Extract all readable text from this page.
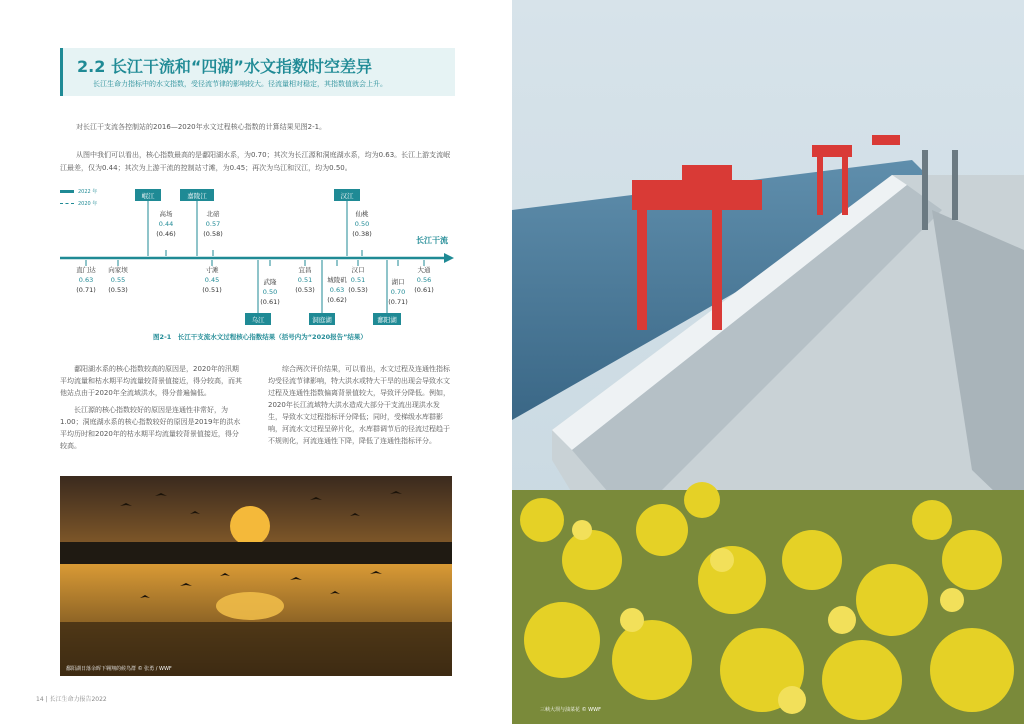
2.2 长江干流和“四湖”水文指数时空差异
长江生命力指标中的水文指数，受径流节律的影响较大。径流量相对稳定，其指数值就会上升。
对长江干支流各控制站的2016—2020年水文过程核心指数的计算结果见图2-1。
从图中我们可以看出，核心指数最高的是鄱阳湖水系，为0.70；其次为长江源和洞庭湖水系，均为0.63。长江上游支流岷江最差，仅为0.44；其次为上游干流的控制站寸滩，为0.45；再次为乌江和汉江，均为0.50。
2022 年
2020 年
长江干流
岷江	嘉陵江	汉江
乌江	洞庭湖	鄱阳湖
直门达
0.63
(0.71)
向家坝
0.55
(0.53)
高场
0.44
(0.46)
北碚
0.57
(0.58)
寸滩
0.45
(0.51)
武隆
0.50
(0.61)
宜昌
0.51
(0.53)
城陵矶
0.63
(0.62)
汉口
0.51
(0.53)
仙桃
0.50
(0.38)
湖口
0.70
(0.71)
大通
0.56
(0.61)
图2-1　长江干支流水文过程核心指数结果（括号内为“2020报告”结果）

鄱阳湖水系的核心指数较高的原因是，2020年的汛期平均流量和枯水期平均流量较背景值接近，得分较高，而其他站点由于2020年全流域洪水，得分普遍偏低。

长江源的核心指数较好的原因是连通性非常好，为1.00；洞庭湖水系的核心指数较好的原因是2019年的洪水平均历时和2020年的枯水期平均流量较背景值接近，得分较高。

综合两次评价结果，可以看出，水文过程及连通性指标均受径流节律影响，特大洪水或特大干旱的出现会导致水文过程及连通性指数偏离背景值较大，导致评分降低。例如，2020年长江流域特大洪水造成大部分干支流出现洪水发生，导致水文过程指标评分降低；同时，受梯级水库群影响，河流水文过程呈碎片化，水库群调节后的径流过程趋于不规则化，河流连通性下降，降低了连通性指标评分。

鄱阳湖日落余晖下翱翔的候鸟群 © 张勇 / WWF
14 | 长江生命力报告2022
三峡大坝与油菜花 © WWF
